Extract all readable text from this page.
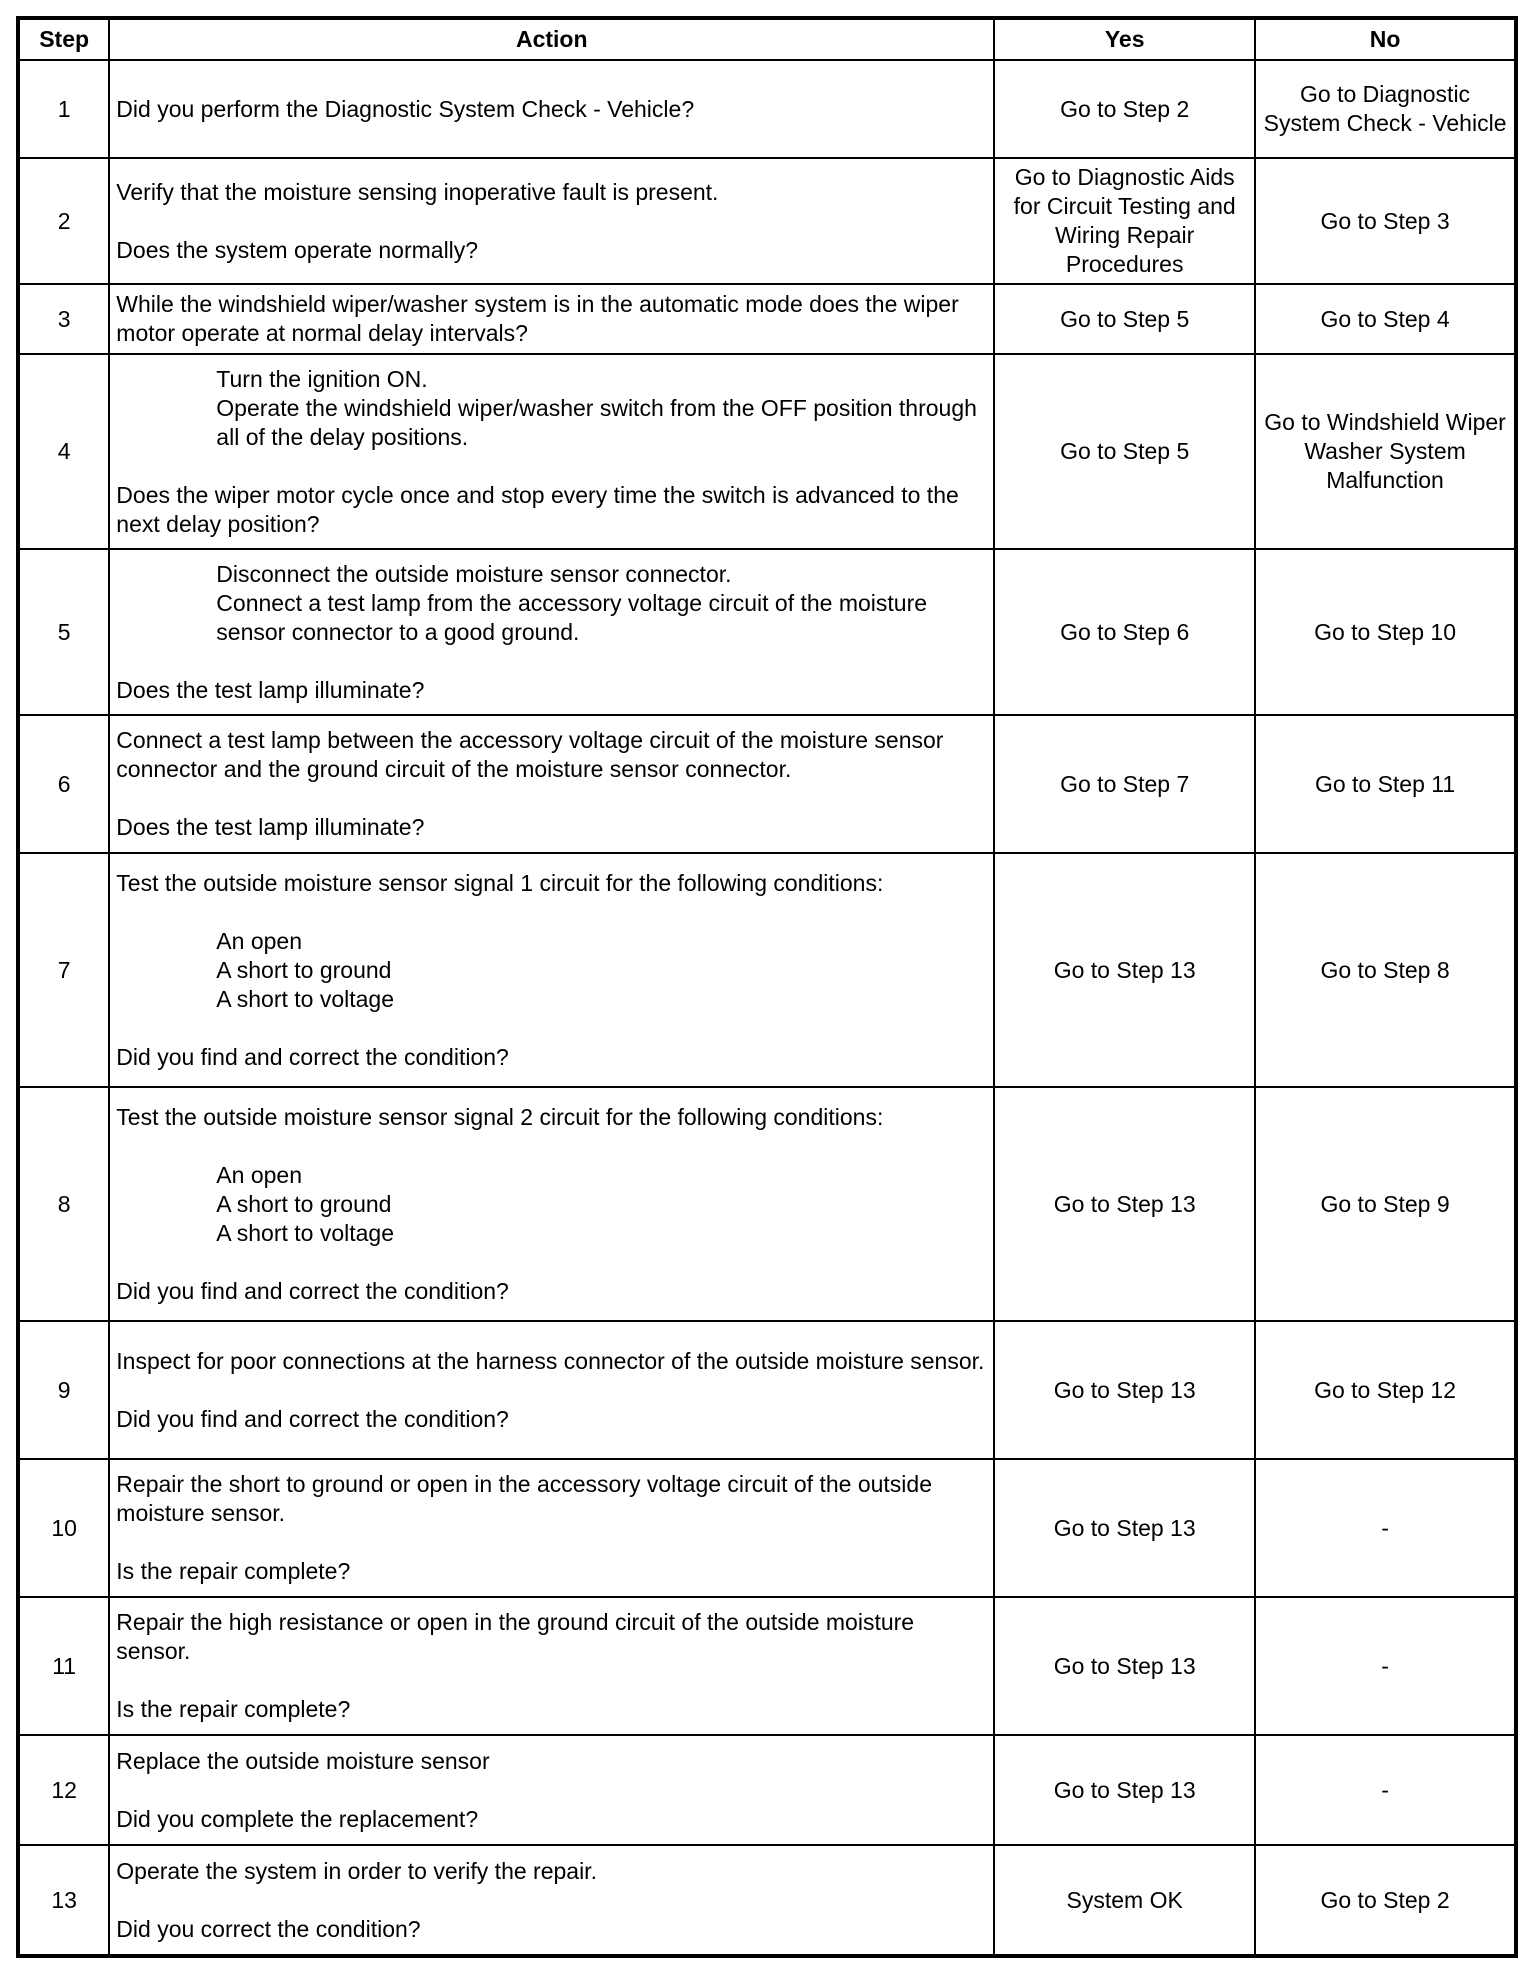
Step	Action	Yes	No
1	Did you perform the Diagnostic System Check - Vehicle?	Go to Step 2	Go to Diagnostic System Check - Vehicle
2	Verify that the moisture sensing inoperative fault is present.
Does the system operate normally?	Go to Diagnostic Aids for Circuit Testing and Wiring Repair Procedures	Go to Step 3
3	While the windshield wiper/washer system is in the automatic mode does the wiper motor operate at normal delay intervals?	Go to Step 5	Go to Step 4
4	Turn the ignition ON.
Operate the windshield wiper/washer switch from the OFF position through all of the delay positions.
Does the wiper motor cycle once and stop every time the switch is advanced to the next delay position?	Go to Step 5	Go to Windshield Wiper Washer System Malfunction
5	Disconnect the outside moisture sensor connector.
Connect a test lamp from the accessory voltage circuit of the moisture sensor connector to a good ground.
Does the test lamp illuminate?	Go to Step 6	Go to Step 10
6	Connect a test lamp between the accessory voltage circuit of the moisture sensor connector and the ground circuit of the moisture sensor connector.
Does the test lamp illuminate?	Go to Step 7	Go to Step 11
7	Test the outside moisture sensor signal 1 circuit for the following conditions:
An open
A short to ground
A short to voltage
Did you find and correct the condition?	Go to Step 13	Go to Step 8
8	Test the outside moisture sensor signal 2 circuit for the following conditions:
An open
A short to ground
A short to voltage
Did you find and correct the condition?	Go to Step 13	Go to Step 9
9	Inspect for poor connections at the harness connector of the outside moisture sensor.
Did you find and correct the condition?	Go to Step 13	Go to Step 12
10	Repair the short to ground or open in the accessory voltage circuit of the outside moisture sensor.
Is the repair complete?	Go to Step 13	-
11	Repair the high resistance or open in the ground circuit of the outside moisture sensor.
Is the repair complete?	Go to Step 13	-
12	Replace the outside moisture sensor
Did you complete the replacement?	Go to Step 13	-
13	Operate the system in order to verify the repair.
Did you correct the condition?	System OK	Go to Step 2
